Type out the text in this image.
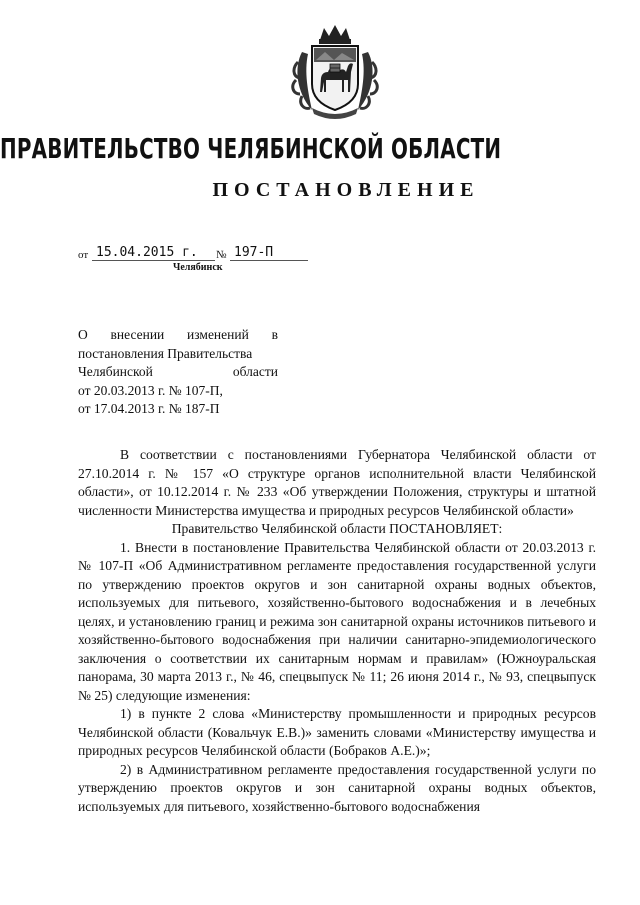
ПРАВИТЕЛЬСТВО ЧЕЛЯБИНСКОЙ ОБЛАСТИ
ПОСТАНОВЛЕНИЕ
от 15.04.2015 г.	№ 197-П
Челябинск
О внесении изменений в
постановления Правительства
Челябинской	области
от 20.03.2013 г. № 107-П,
от 17.04.2013 г. № 187-П

В соответствии с постановлениями Губернатора Челябинской области от 27.10.2014 г. № 157 «О структуре органов исполнительной власти Челябинской области», от 10.12.2014 г. № 233 «Об утверждении Положения, структуры и штатной численности Министерства имущества и природных ресурсов Челябинской области»

Правительство Челябинской области ПОСТАНОВЛЯЕТ:

1. Внести в постановление Правительства Челябинской области от 20.03.2013 г. № 107-П «Об Административном регламенте предоставления государственной услуги по утверждению проектов округов и зон санитарной охраны водных объектов, используемых для питьевого, хозяйственно-бытового водоснабжения и в лечебных целях, и установлению границ и режима зон санитарной охраны источников питьевого и хозяйственно-бытового водоснабжения при наличии санитарно-эпидемиологического заключения о соответствии их санитарным нормам и правилам» (Южноуральская панорама, 30 марта 2013 г., № 46, спецвыпуск № 11; 26 июня 2014 г., № 93, спецвыпуск № 25) следующие изменения:

1) в пункте 2 слова «Министерству промышленности и природных ресурсов Челябинской области (Ковальчук Е.В.)» заменить словами «Министерству имущества и природных ресурсов Челябинской области (Бобраков А.Е.)»;

2) в Административном регламенте предоставления государственной услуги по утверждению проектов округов и зон санитарной охраны водных объектов, используемых для питьевого, хозяйственно-бытового водоснабжения
